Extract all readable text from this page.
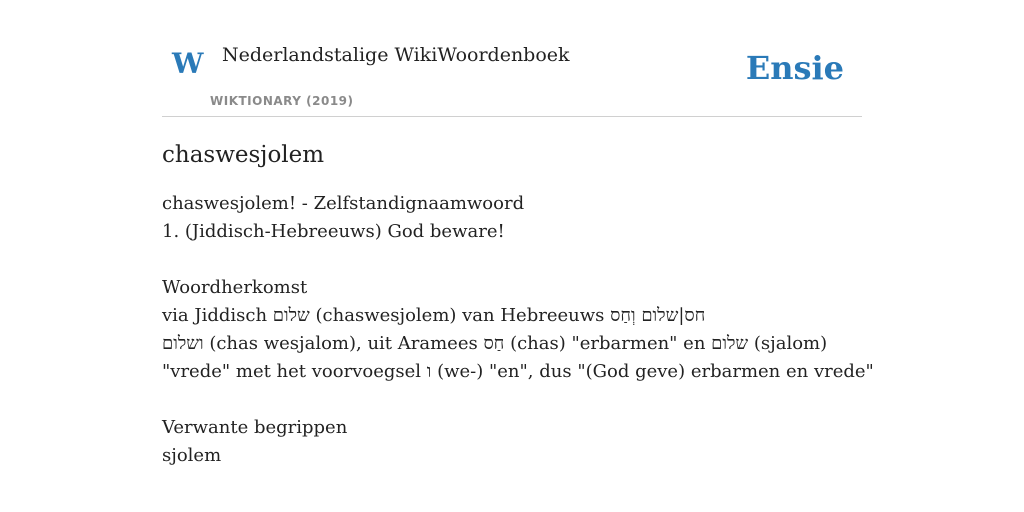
W Nederlandstalige WikiWoordenboek
WIKTIONARY (2019)
Ensie
chaswesjolem
chaswesjolem! - Zelfstandignaamwoord
1. (Jiddisch-Hebreeuws) God beware!
Woordherkomst
via Jiddisch שלום (chaswesjolem) van Hebreeuws חס|שלום וְחַס
ושלום (chas wesjalom), uit Aramees חַס (chas) "erbarmen" en שלום (sjalom)
"vrede" met het voorvoegsel ו (we-) "en", dus "(God geve) erbarmen en vrede"
Verwante begrippen
sjolem
